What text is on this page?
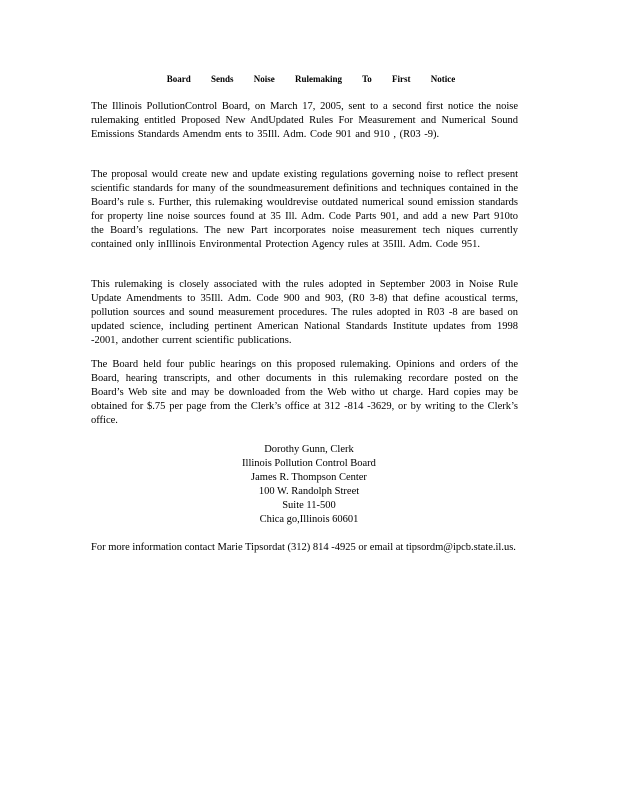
Board Sends Noise Rulemaking To First Notice

The Illinois PollutionControl Board, on March 17, 2005, sent to a second first notice the noise rulemaking entitled Proposed New AndUpdated Rules For Measurement and Numerical Sound Emissions Standards Amendm ents to 35Ill. Adm. Code 901 and 910 , (R03 -9).

The proposal would create new and update existing regulations governing noise to reflect present scientific standards for many of the soundmeasurement definitions and techniques contained in the Board’s rule s. Further, this rulemaking wouldrevise outdated numerical sound emission standards for property line noise sources found at 35 Ill. Adm. Code Parts 901, and add a new Part 910to the Board’s regulations. The new Part incorporates noise measurement tech niques currently contained only inIllinois Environmental Protection Agency rules at 35Ill. Adm. Code 951.

This rulemaking is closely associated with the rules adopted in September 2003 in Noise Rule Update Amendments to 35Ill. Adm. Code 900 and 903, (R0 3-8) that define acoustical terms, pollution sources and sound measurement procedures. The rules adopted in R03 -8 are based on updated science, including pertinent American National Standards Institute updates from 1998 -2001, andother current scientific publications.

The Board held four public hearings on this proposed rulemaking. Opinions and orders of the Board, hearing transcripts, and other documents in this rulemaking recordare posted on the Board’s Web site and may be downloaded from the Web witho ut charge. Hard copies may be obtained for $.75 per page from the Clerk’s office at 312 -814 -3629, or by writing to the Clerk’s office.

Dorothy Gunn, Clerk
Illinois Pollution Control Board
James R. Thompson Center
100 W. Randolph Street
Suite 11-500
Chica go,Illinois 60601
For more information contact Marie Tipsordat (312) 814 -4925 or email at tipsordm@ipcb.state.il.us.
